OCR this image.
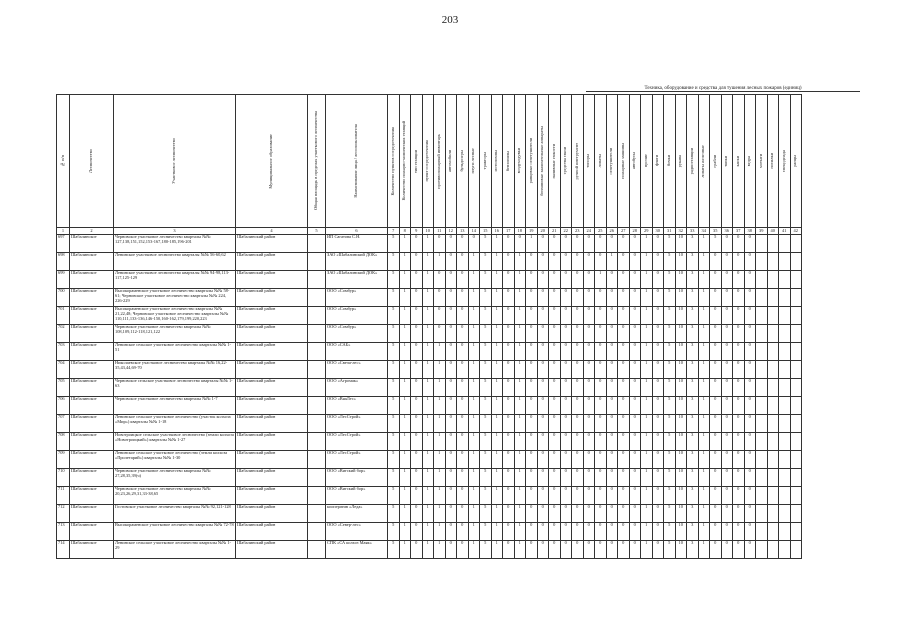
203
Техника, оборудование и средства для тушения лесных пожаров (единиц)
№ п/п	Лесничество	Участковое лесничество	Муниципальное образование	Общая площадь в пределах участкового лесничества	Наименование лица / лесопользователя	Количество пунктов сосредоточения	Количество пожарно-химических станций	тип станции	пункт сосредоточения	противопожарный инвентарь	автомобили	бульдозеры	плуги лесные	тракторы	мотопомпы	бензопилы	воздуходувки	ранцевые огнетушители	бензиновые зажигательные аппараты	наливные емкости	средства связи	ручной инструмент	топоры	лопаты	огнетушители	пожарные машины	автобусы	прочие	фляги	бочки	рукава	радиостанции	лопаты железные	грабли	тяпки	каски	ведра	мотыги	носилки	спецодежда	ранцы

1	2	3	4	5	6	7	8	9	10	11	12	13	14	15	16	17	18	19	20	21	22	23	24	25	26	27	28	29	30	31	32	33	34	35	36	37	38	39	40	41	42
697	Шабалинское	Черновское участковое лесничество кварталы №№ 127,138,151,152,153-167,180-185,196-201	Шабалинский район		ИП Сагатова С.Н.	5	1	0	1	0	0	0	0	5	1	0	0	1	0	0	0	0	0	0	0	0	0	1	0	5	10	3	1	5	0	0	0				
698	Шабалинское	Ленинское участковое лесничество кварталы №№ 56-60,62	Шабалинский район		ЗАО «Шабалинский ДОК»	5	1	0	1	1	0	0	1	5	1	0	1	0	0	0	0	0	0	0	1	0	0	1	0	5	10	3	1	0	0	0	0				
699	Шабалинское	Ленинское участковое лесничество кварталы №№ 94-98,113-117,125-129	Шабалинский район		ЗАО «Шабалинский ДОК»	5	1	0	1	0	0	0	1	5	1	0	1	0	0	0	0	0	0	1	0	0	0	1	0	5	10	3	1	0	0	0	0				
700	Шабалинское	Высокораменское участковое лесничество кварталы №№ 58-61; Черновское участковое лесничество кварталы №№ 224, 226-229	Шабалинский район		ООО «Сомбур»	5	1	0	1	0	0	0	1	5	1	0	1	0	0	0	0	0	0	0	0	0	0	1	0	5	10	3	1	0	0	0	0				
701	Шабалинское	Высокораменское участковое лесничество кварталы №№ 21,22,48; Черновское участковое лесничество кварталы №№ 110,111,133-136,146-150,160-162,179,199,220,223	Шабалинский район		ООО «Сомбур»	5	1	0	1	0	0	0	1	5	1	0	1	0	0	0	0	0	0	0	0	0	0	1	0	5	10	3	1	0	0	0	0				
702	Шабалинское	Черновское участковое лесничество кварталы №№ 108,109,112-118,121,122	Шабалинский район		ООО «Сомбур»	5	1	0	1	0	0	0	1	5	1	0	1	0	0	0	0	0	0	0	0	0	0	1	0	5	10	3	1	0	0	0	0				
703	Шабалинское	Ленинское сельское участковое лесничество кварталы №№ 1-51	Шабалинский район		ООО «САБ»	5	1	0	1	1	0	0	1	5	1	0	1	0	0	0	0	0	0	0	0	0	0	1	0	5	10	3	1	0	0	0	0				
704	Шабалинское	Николаевское участковое лесничество кварталы №№ 16,22-35,43,44,69-70	Шабалинский район		ООО «Свеча-лес»	5	1	0	1	1	0	0	1	5	1	0	1	0	0	0	0	0	0	0	0	0	0	1	0	5	10	3	1	0	0	0	0				
705	Шабалинское	Черновское сельское участковое лесничество кварталы №№ 1-63	Шабалинский район		ООО «Агромак»	5	1	0	1	1	0	0	1	5	1	0	1	0	0	0	0	0	0	0	0	0	0	1	0	5	10	3	1	0	0	0	0				
706	Шабалинское	Черновское участковое лесничество кварталы №№ 1-7	Шабалинский район		ООО «ВяаЛес»	5	1	0	1	1	0	0	1	5	1	0	1	0	0	0	0	0	0	0	0	0	0	1	0	5	10	3	1	0	0	0	0				
707	Шабалинское	Ленинское сельское участковое лесничество (участок колхоза «Мир») кварталы №№ 1-18	Шабалинский район		ООО «ЛесСтрой»	5	1	0	1	1	0	0	1	5	1	0	1	0	0	0	0	0	0	0	0	0	0	1	0	5	10	3	1	0	0	0	0				
708	Шабалинское	Новотроицкое сельское участковое лесничество (земли колхоза «Новотроицкий») кварталы №№ 1-27	Шабалинский район		ООО «ЛесСтрой»	5	1	0	1	1	0	0	1	5	1	0	1	0	0	0	0	0	0	0	0	0	0	1	0	5	10	3	1	0	0	0	0				
709	Шабалинское	Ленинское сельское участковое лесничество (земли колхоза «Пролетарий») кварталы №№ 1-30	Шабалинский район		ООО «ЛесСтрой»	5	1	0	1	1	0	0	1	5	1	0	1	0	0	0	0	0	0	0	0	0	0	1	0	5	10	3	1	0	0	0	0				
710	Шабалинское	Черновское участковое лесничество кварталы №№ 27,28,35,39(ч)	Шабалинский район		ООО «Вятский бор»	5	1	0	1	1	0	0	1	5	1	0	1	0	0	0	0	0	0	0	0	0	0	1	0	5	10	3	1	0	0	0	0				
711	Шабалинское	Черновское участковое лесничество кварталы №№ 20,23,26,29,31,33-38,65	Шабалинский район		ООО «Вятский бор»	5	1	0	1	1	0	0	1	5	1	0	1	0	0	0	0	0	0	0	0	0	0	1	0	5	10	3	1	0	0	0	0				
712	Шабалинское	Гостовское участковое лесничество кварталы №№ 92,121-128	Шабалинский район		кооператив «Леда»	5	1	0	1	1	0	0	1	5	1	0	1	0	0	0	0	0	0	0	0	0	0	1	0	5	10	3	1	0	0	0	0				
713	Шабалинское	Высокораменское участковое лесничество кварталы №№ 72-78	Шабалинский район		ООО «Север-лес»	5	1	0	1	1	0	0	1	5	1	0	1	0	0	0	0	0	0	0	0	0	0	1	0	5	10	3	1	0	0	0	0				
714	Шабалинское	Ленинское сельское участковое лесничество кварталы №№ 1-29	Шабалинский район		СПК «СА колхоз Маяк»	5	1	0	1	1	0	0	1	5	1	0	1	0	0	0	0	0	0	0	0	0	0	1	0	5	10	3	1	0	0	0	0				
